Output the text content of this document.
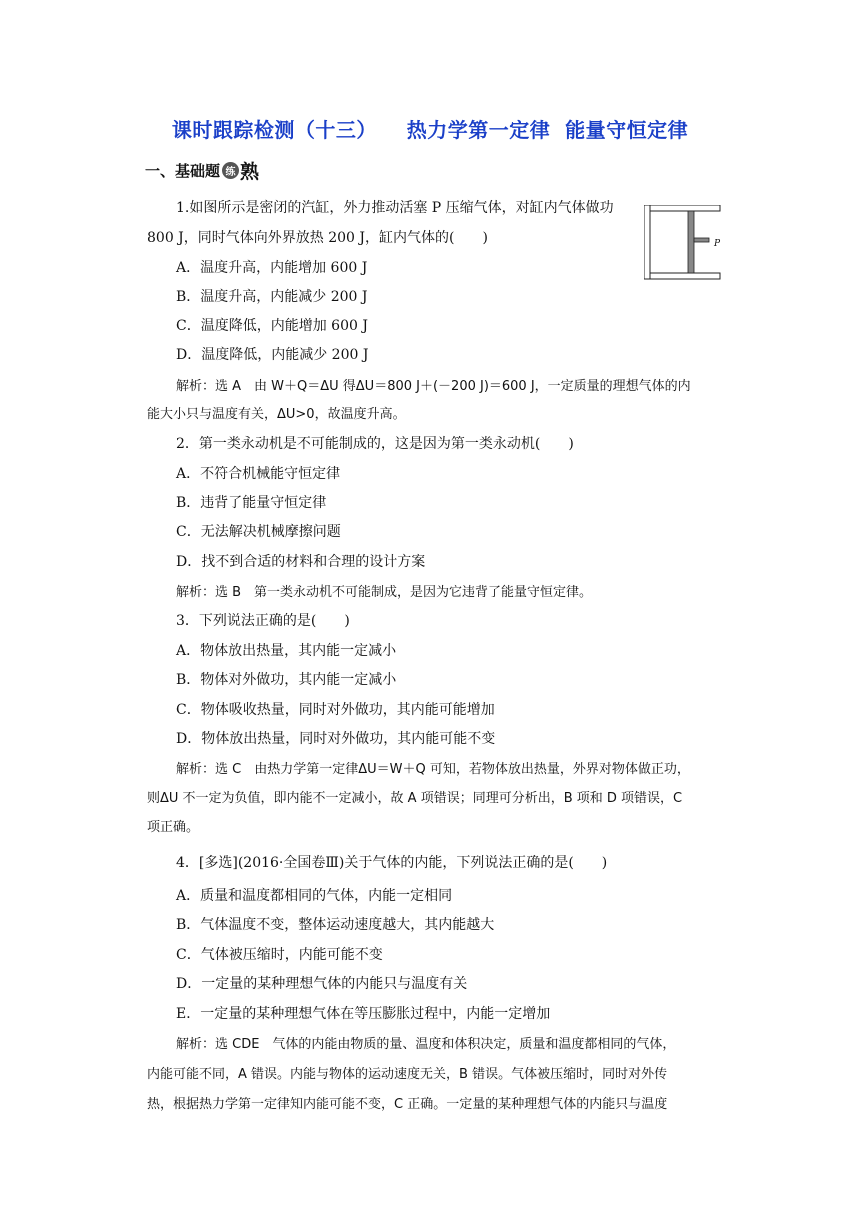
课时跟踪检测（十三）    热力学第一定律  能量守恒定律
一、基础题 练 熟
P
1.如图所示是密闭的汽缸，外力推动活塞 P 压缩气体，对缸内气体做功
800 J，同时气体向外界放热 200 J，缸内气体的(　　)
A．温度升高，内能增加 600 J
B．温度升高，内能减少 200 J
C．温度降低，内能增加 600 J
D．温度降低，内能减少 200 J
解析：选 A　由 W＋Q＝ΔU 得ΔU＝800 J＋(－200 J)＝600 J，一定质量的理想气体的内
能大小只与温度有关，ΔU>0，故温度升高。
2．第一类永动机是不可能制成的，这是因为第一类永动机(　　)
A．不符合机械能守恒定律
B．违背了能量守恒定律
C．无法解决机械摩擦问题
D．找不到合适的材料和合理的设计方案
解析：选 B　第一类永动机不可能制成，是因为它违背了能量守恒定律。
3．下列说法正确的是(　　)
A．物体放出热量，其内能一定减小
B．物体对外做功，其内能一定减小
C．物体吸收热量，同时对外做功，其内能可能增加
D．物体放出热量，同时对外做功，其内能可能不变
解析：选 C　由热力学第一定律ΔU＝W＋Q 可知，若物体放出热量，外界对物体做正功，
则ΔU 不一定为负值，即内能不一定减小，故 A 项错误；同理可分析出，B 项和 D 项错误，C
项正确。
4．[多选](2016·全国卷Ⅲ)关于气体的内能，下列说法正确的是(　　)
A．质量和温度都相同的气体，内能一定相同
B．气体温度不变，整体运动速度越大，其内能越大
C．气体被压缩时，内能可能不变
D．一定量的某种理想气体的内能只与温度有关
E．一定量的某种理想气体在等压膨胀过程中，内能一定增加
解析：选 CDE　气体的内能由物质的量、温度和体积决定，质量和温度都相同的气体，
内能可能不同，A 错误。内能与物体的运动速度无关，B 错误。气体被压缩时，同时对外传
热，根据热力学第一定律知内能可能不变，C 正确。一定量的某种理想气体的内能只与温度
